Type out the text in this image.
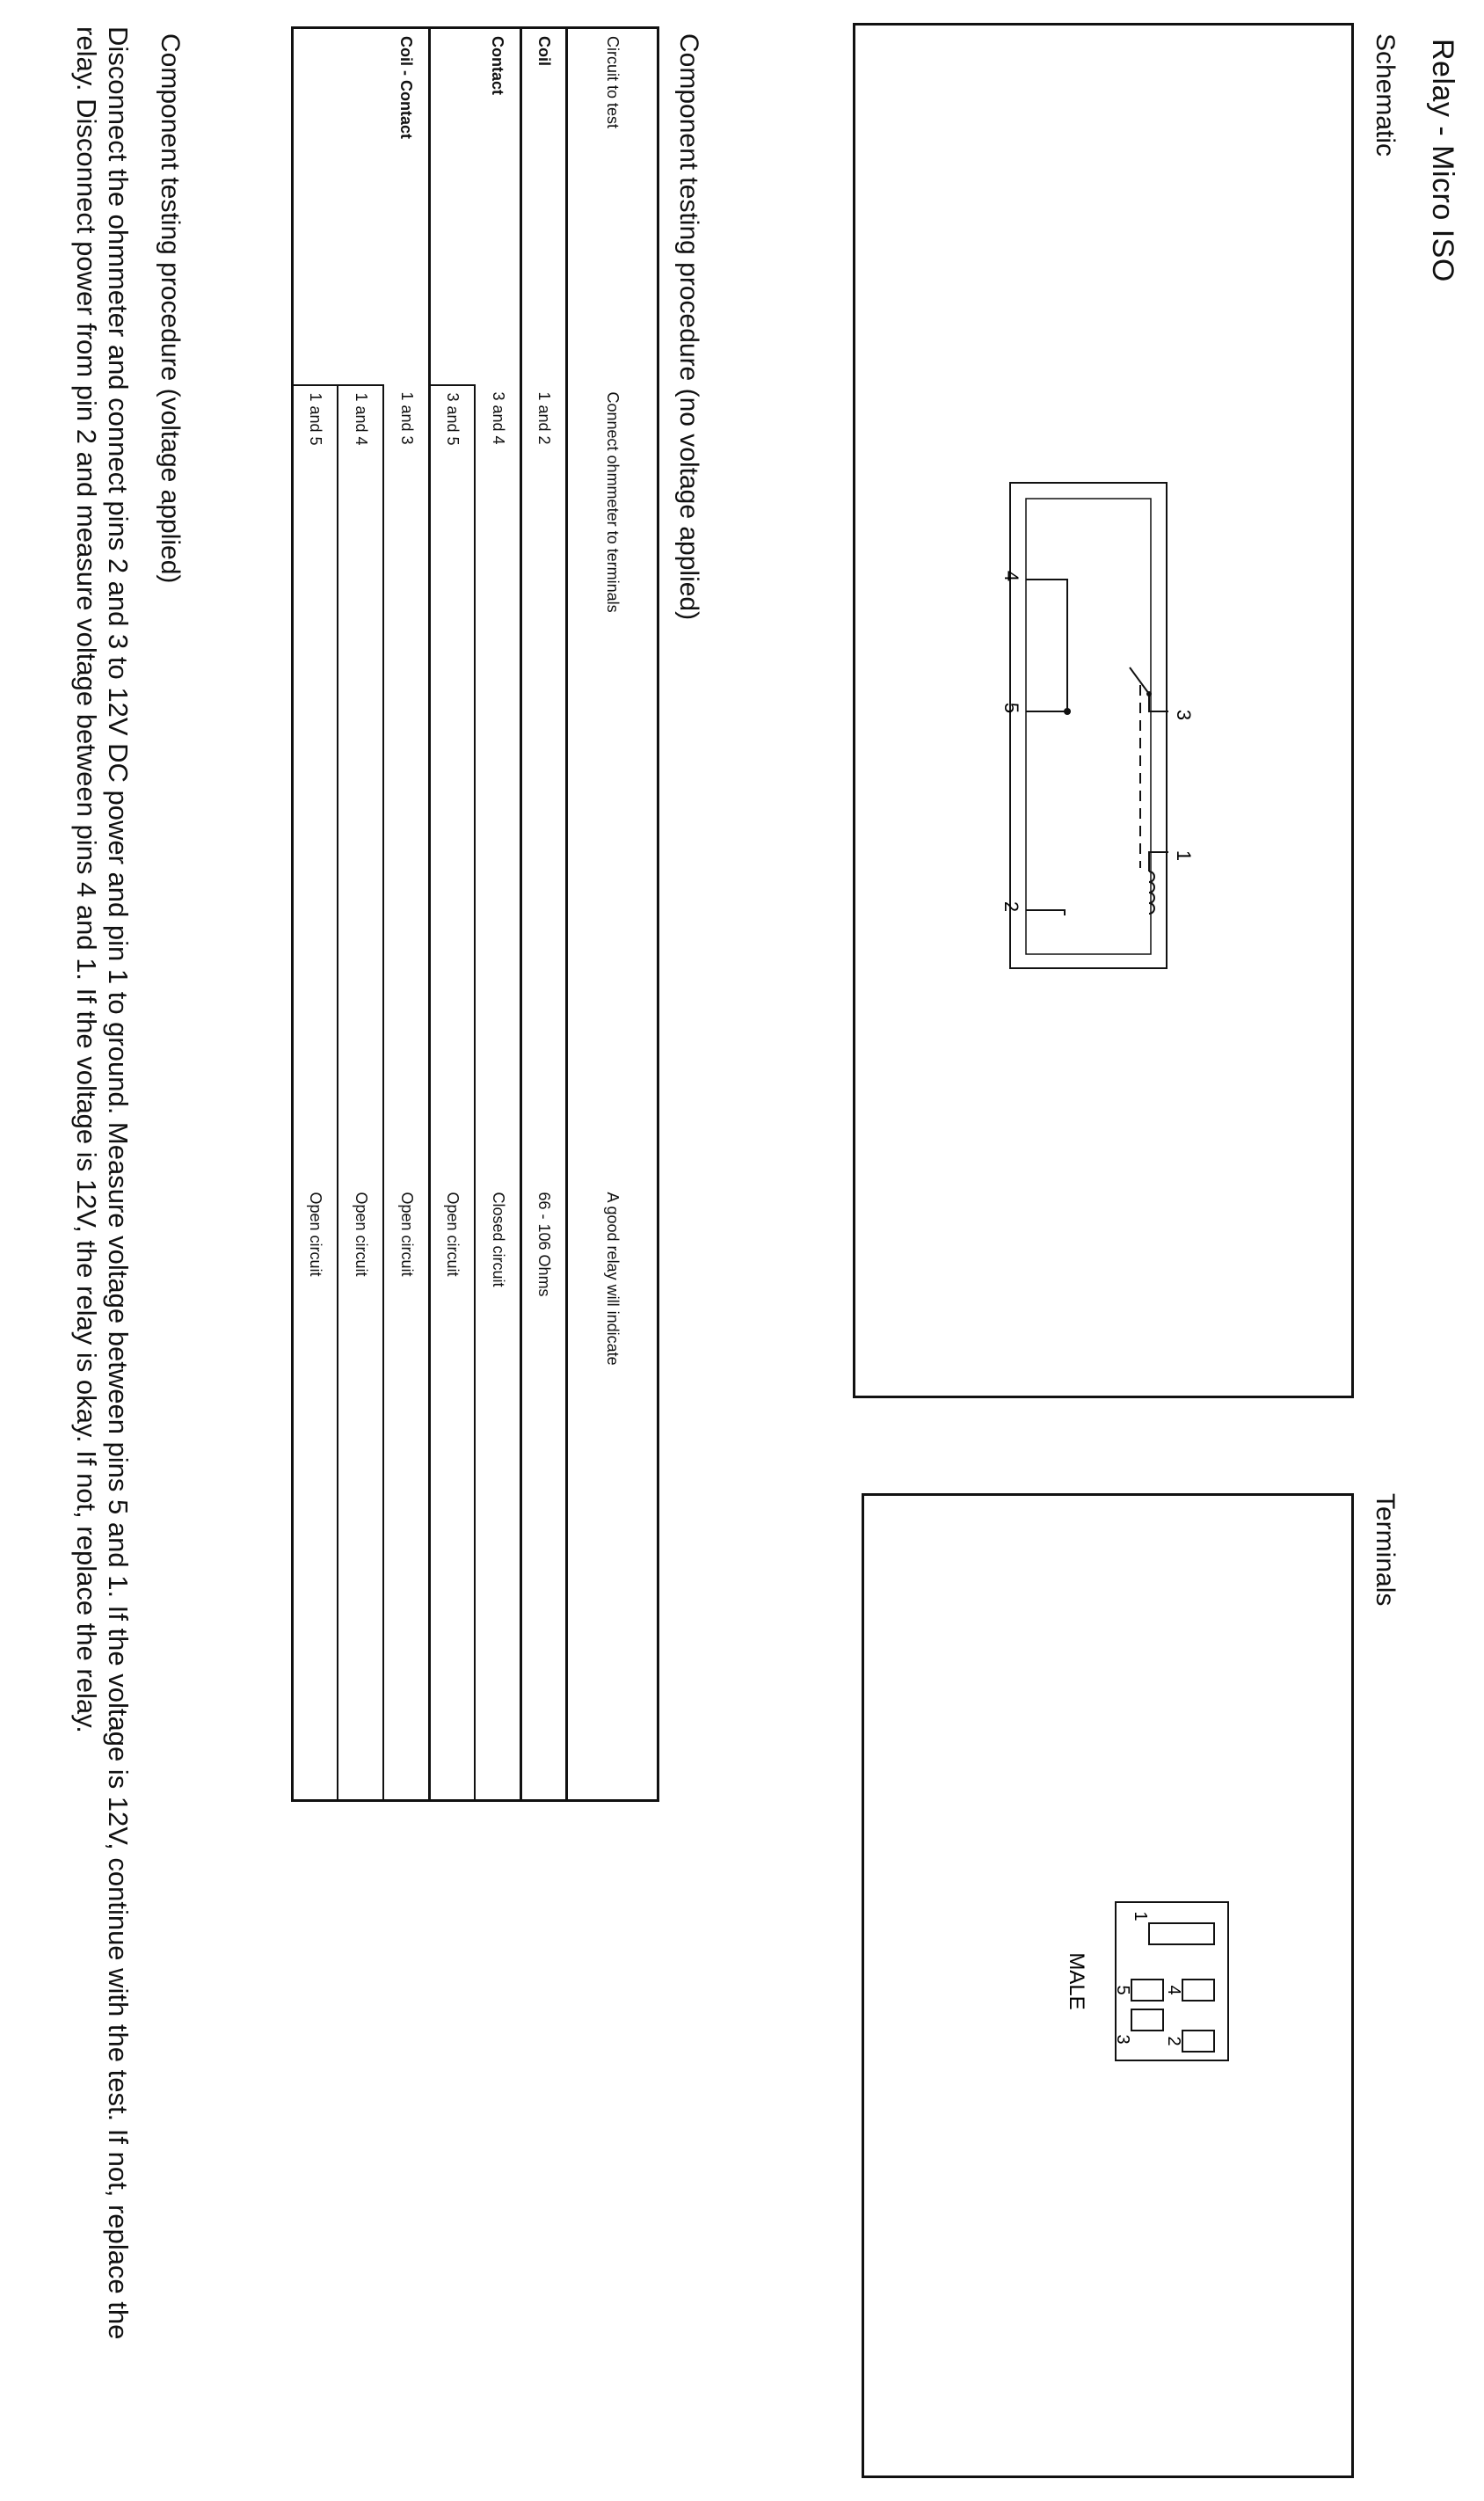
Relay - Micro ISO
Schematic
4
5
2
3
1
Terminals
1
4
2
5
3
MALE
Component testing procedure (no voltage applied)
Circuit to test	Connect ohmmeter to terminals	A good relay will indicate
Coil	1 and 2	66 - 106 Ohms
Contact	3 and 4	Closed circuit
	3 and 5	Open circuit
Coil - Contact	1 and 3	Open circuit
	1 and 4	Open circuit
	1 and 5	Open circuit
Component testing procedure (voltage applied)
Disconnect the ohmmeter and connect pins 2 and 3 to 12V DC power and pin 1 to ground. Measure voltage between pins 5 and 1. If the voltage is 12V, continue with the test. If not, replace the relay. Disconnect power from pin 2 and measure voltage between pins 4 and 1. If the voltage is 12V, the relay is okay. If not, replace the relay.
